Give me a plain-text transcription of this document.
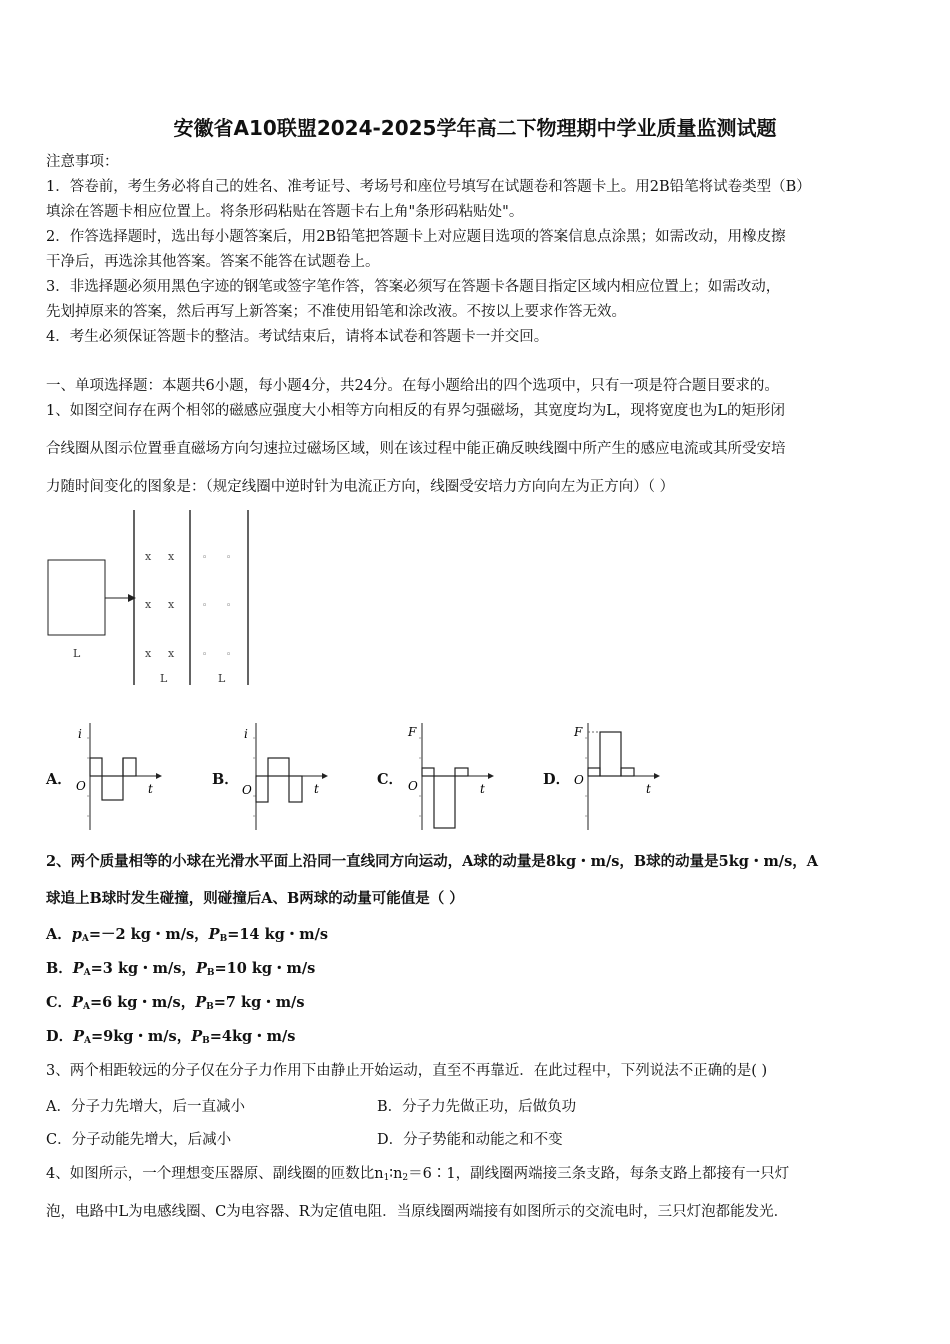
安徽省A10联盟2024-2025学年高二下物理期中学业质量监测试题
注意事项：
1．答卷前，考生务必将自己的姓名、准考证号、考场号和座位号填写在试题卷和答题卡上。用2B铅笔将试卷类型（B）
填涂在答题卡相应位置上。将条形码粘贴在答题卡右上角"条形码粘贴处"。
2．作答选择题时，选出每小题答案后，用2B铅笔把答题卡上对应题目选项的答案信息点涂黑；如需改动，用橡皮擦
干净后，再选涂其他答案。答案不能答在试题卷上。
3．非选择题必须用黑色字迹的钢笔或签字笔作答，答案必须写在答题卡各题目指定区域内相应位置上；如需改动，
先划掉原来的答案，然后再写上新答案；不准使用铅笔和涂改液。不按以上要求作答无效。
4．考生必须保证答题卡的整洁。考试结束后，请将本试卷和答题卡一并交回。
一、单项选择题：本题共6小题，每小题4分，共24分。在每小题给出的四个选项中，只有一项是符合题目要求的。
1、如图空间存在两个相邻的磁感应强度大小相等方向相反的有界匀强磁场，其宽度均为L，现将宽度也为L的矩形闭
合线圈从图示位置垂直磁场方向匀速拉过磁场区域，则在该过程中能正确反映线圈中所产生的感应电流或其所受安培
力随时间变化的图象是：（规定线圈中逆时针为电流正方向，线圈受安培力方向向左为正方向）（ ）
x x
x x
x x
◦ ◦
◦ ◦
◦ ◦
L
L	L
A．
i
O	t
B．
i
O	t
C．
F
O	t
D．
F
O
t
2、两个质量相等的小球在光滑水平面上沿同一直线同方向运动，A球的动量是8kg・m/s，B球的动量是5kg・m/s，A
球追上B球时发生碰撞，则碰撞后A、B两球的动量可能值是（ ）
A．$p_A=-2$ kg・m/s，$P_B=14$ kg・m/s
B．$P_A=3$ kg・m/s，$P_B=10$ kg・m/s
C．$P_A=6$ kg・m/s，$P_B=7$ kg・m/s
D．$P_A=9kg$・m/s，$P_B=4kg$・m/s
3、两个相距较远的分子仅在分子力作用下由静止开始运动，直至不再靠近．在此过程中，下列说法不正确的是( )
A．分子力先增大，后一直减小	B．分子力先做正功，后做负功
C．分子动能先增大，后减小	D．分子势能和动能之和不变
4、如图所示，一个理想变压器原、副线圈的匝数比$n_1∶n_2=6∶1$，副线圈两端接三条支路，每条支路上都接有一只灯
泡，电路中L为电感线圈、C为电容器、R为定值电阻．当原线圈两端接有如图所示的交流电时，三只灯泡都能发光．
